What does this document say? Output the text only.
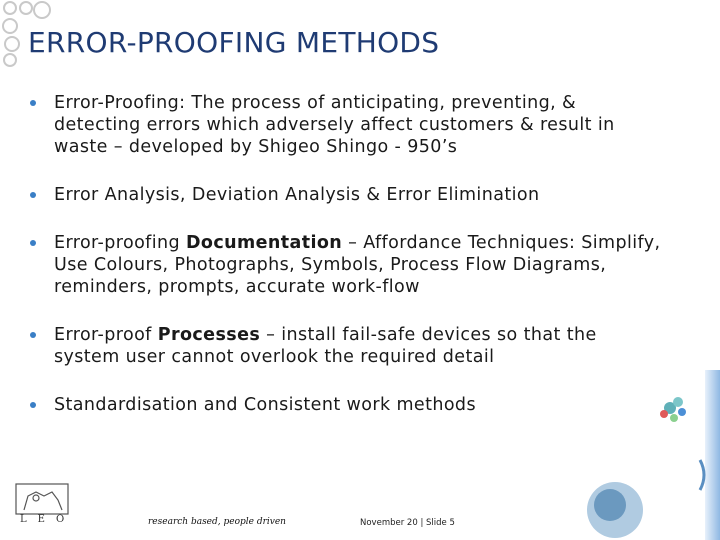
ERROR-PROOFING METHODS
Error-Proofing: The process of anticipating, preventing, & detecting errors which adversely affect customers & result in waste – developed by Shigeo Shingo - 950’s
Error Analysis, Deviation Analysis & Error Elimination
Error-proofing Documentation – Affordance Techniques: Simplify, Use Colours, Photographs, Symbols, Process Flow Diagrams, reminders, prompts, accurate work-flow
Error-proof Processes – install fail-safe devices so that the system user cannot overlook the required detail
Standardisation and Consistent work methods
LEO	research based, people driven	November 20 | Slide 5
